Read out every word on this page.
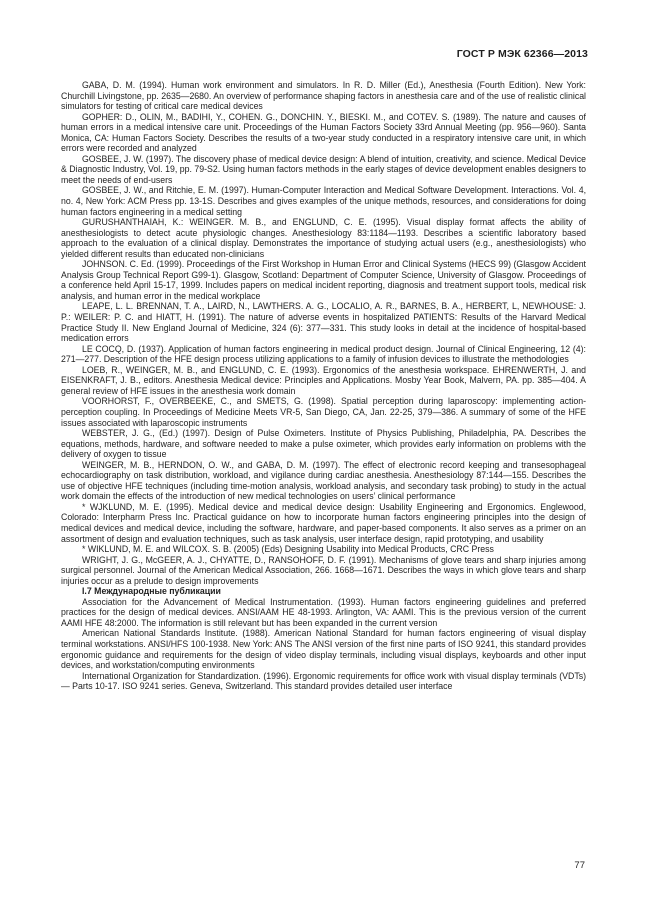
ГОСТ Р МЭК 62366—2013

GABA, D. M. (1994). Human work environment and simulators. In R. D. Miller (Ed.), Anesthesia (Fourth Edition). New York: Churchill Livingstone, pp. 2635—2680. An overview of performance shaping factors in anesthesia care and of the use of realistic clinical simulators for testing of critical care medical devices

GOPHER: D., OLIN, M., BADIHI, Y., COHEN. G., DONCHIN. Y., BIESKI. M., and COTEV. S. (1989). The nature and causes of human errors in a medical intensive care unit. Proceedings of the Human Factors Society 33rd Annual Meeting (pp. 956—960). Santa Monica, CA: Human Factors Society. Describes the results of a two-year study conducted in a respiratory intensive care unit, in which errors were recorded and analyzed

GOSBEE, J. W. (1997). The discovery phase of medical device design: A blend of intuition, creativity, and science. Medical Device & Diagnostic Industry, Vol. 19, pp. 79-S2. Using human factors methods in the early stages of device development enables designers to meet the needs of end-users

GOSBEE, J. W., and Ritchie, E. M. (1997). Human-Computer Interaction and Medical Software Development. Interactions. Vol. 4, no. 4, New York: ACM Press pp. 13-1S. Describes and gives examples of the unique methods, resources, and considerations for doing human factors engineering in a medical setting

GURUSHANTHAIAH, K.: WEINGER. M. B., and ENGLUND, C. E. (1995). Visual display format affects the ability of anesthesiologists to detect acute physiologic changes. Anesthesiology 83:1184—1193. Describes a scientific laboratory based approach to the evaluation of a clinical display. Demonstrates the importance of studying actual users (e.g., anesthesiologists) who yielded different results than educated non-clinicians

JOHNSON. C. Ed. (1999). Proceedings of the First Workshop in Human Error and Clinical Systems (HECS 99) (Glasgow Accident Analysis Group Technical Report G99-1). Glasgow, Scotland: Department of Computer Science, University of Glasgow. Proceedings of a conference held April 15-17, 1999. Includes papers on medical incident reporting, diagnosis and treatment support tools, medical risk analysis, and human error in the medical workplace

LEAPE, L. L. BRENNAN, T. A., LAIRD, N., LAWTHERS. A. G., LOCALIO, A. R., BARNES, B. A., HERBERT, L, NEWHOUSE: J. P.: WEILER: P. C. and HIATT, H. (1991). The nature of adverse events in hospitalized PATIENTS: Results of the Harvard Medical Practice Study II. New England Journal of Medicine, 324 (6): 377—331. This study looks in detail at the incidence of hospital-based medication errors

LE COCQ, D. (1937). Application of human factors engineering in medical product design. Journal of Clinical Engineering, 12 (4): 271—277. Description of the HFE design process utilizing applications to a family of infusion devices to illustrate the methodologies

LOEB, R., WEINGER, M. B., and ENGLUND, C. E. (1993). Ergonomics of the anesthesia workspace. EHRENWERTH, J. and EISENKRAFT, J. B., editors. Anesthesia Medical device: Principles and Applications. Mosby Year Book, Malvern, PA. pp. 385—404. A general review of HFE issues in the anesthesia work domain

VOORHORST, F., OVERBEEKE, C., and SMETS, G. (1998). Spatial perception during laparoscopy: implementing action-perception coupling. In Proceedings of Medicine Meets VR-5, San Diego, CA, Jan. 22-25, 379—386. A summary of some of the HFE issues associated with laparoscopic instruments

WEBSTER, J. G., (Ed.) (1997). Design of Pulse Oximeters. Institute of Physics Publishing, Philadelphia, PA. Describes the equations, methods, hardware, and software needed to make a pulse oximeter, which provides early information on problems with the delivery of oxygen to tissue

WEINGER, M. B., HERNDON, O. W., and GABA, D. M. (1997). The effect of electronic record keeping and transesophageal echocardiography on task distribution, workload, and vigilance during cardiac anesthesia. Anesthesiology 87:144—155. Describes the use of objective HFE techniques (including time-motion analysis, workload analysis, and secondary task probing) to study in the actual work domain the effects of the introduction of new medical technologies on users’ clinical performance

* WJKLUND, M. E. (1995). Medical device and medical device design: Usability Engineering and Ergonomics. Englewood, Colorado: Interpharm Press Inc. Practical guidance on how to incorporate human factors engineering principles into the design of medical devices and medical device, including the software, hardware, and paper-based components. It also serves as a primer on an assortment of design and evaluation techniques, such as task analysis, user interface design, rapid prototyping, and usability

* WIKLUND, M. E. and WILCOX. S. B. (2005) (Eds) Designing Usability into Medical Products, CRC Press

WRIGHT, J. G., McGEER, A. J., CHYATTE, D., RANSOHOFF, D. F. (1991). Mechanisms of glove tears and sharp injuries among surgical personnel. Journal of the American Medical Association, 266. 1668—1671. Describes the ways in which glove tears and sharp injuries occur as a prelude to design improvements

I.7 Международные публикации

Association for the Advancement of Medical Instrumentation. (1993). Human factors engineering guidelines and preferred practices for the design of medical devices. ANSI/AAM HE 48-1993. Arlington, VA: AAMI. This is the previous version of the current AAMI HFE 48:2000. The information is still relevant but has been expanded in the current version

American National Standards Institute. (1988). American National Standard for human factors engineering of visual display terminal workstations. ANSI/HFS 100-1938. New York: ANS The ANSI version of the first nine parts of ISO 9241, this standard provides ergonomic guidance and requirements for the design of video display terminals, including visual displays, keyboards and other input devices, and workstation/computing environments

International Organization for Standardization. (1996). Ergonomic requirements for office work with visual display terminals (VDTs) — Parts 10-17. ISO 9241 series. Geneva, Switzerland. This standard provides detailed user interface

77
